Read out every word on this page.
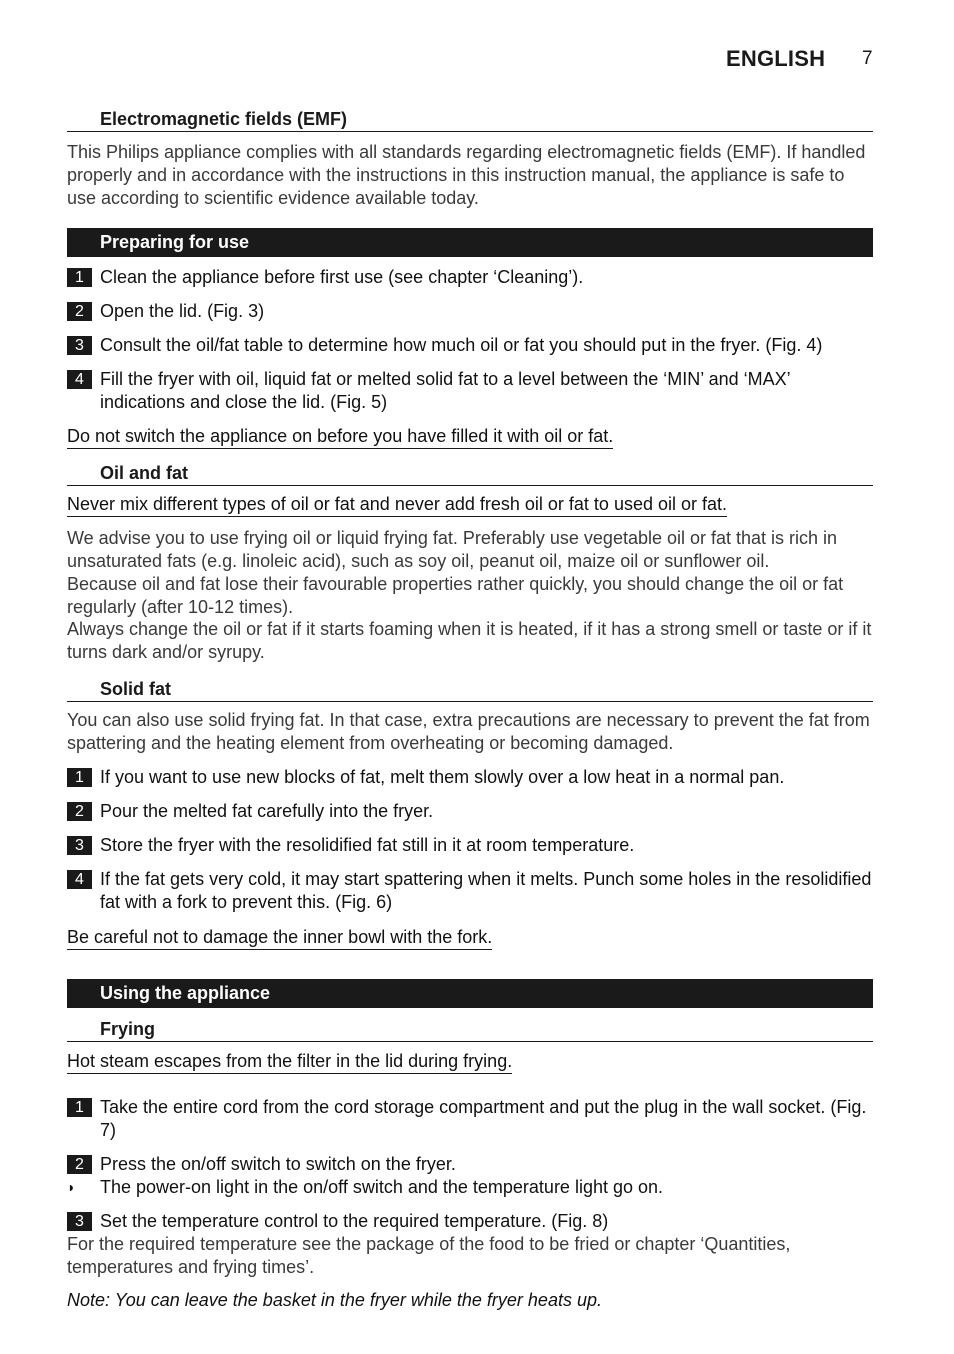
ENGLISH 7
Electromagnetic fields (EMF)
This Philips appliance complies with all standards regarding electromagnetic fields (EMF). If handled properly and in accordance with the instructions in this instruction manual, the appliance is safe to use according to scientific evidence available today.
Preparing for use
1 Clean the appliance before first use (see chapter ‘Cleaning’).
2 Open the lid. (Fig. 3)
3 Consult the oil/fat table to determine how much oil or fat you should put in the fryer. (Fig. 4)
4 Fill the fryer with oil, liquid fat or melted solid fat to a level between the ‘MIN’ and ‘MAX’ indications and close the lid. (Fig. 5)
Do not switch the appliance on before you have filled it with oil or fat.
Oil and fat
Never mix different types of oil or fat and never add fresh oil or fat to used oil or fat.
We advise you to use frying oil or liquid frying fat. Preferably use vegetable oil or fat that is rich in unsaturated fats (e.g. linoleic acid), such as soy oil, peanut oil, maize oil or sunflower oil.
Because oil and fat lose their favourable properties rather quickly, you should change the oil or fat regularly (after 10-12 times).
Always change the oil or fat if it starts foaming when it is heated, if it has a strong smell or taste or if it turns dark and/or syrupy.
Solid fat
You can also use solid frying fat. In that case, extra precautions are necessary to prevent the fat from spattering and the heating element from overheating or becoming damaged.
1 If you want to use new blocks of fat, melt them slowly over a low heat in a normal pan.
2 Pour the melted fat carefully into the fryer.
3 Store the fryer with the resolidified fat still in it at room temperature.
4 If the fat gets very cold, it may start spattering when it melts. Punch some holes in the resolidified fat with a fork to prevent this. (Fig. 6)
Be careful not to damage the inner bowl with the fork.
Using the appliance
Frying
Hot steam escapes from the filter in the lid during frying.
1 Take the entire cord from the cord storage compartment and put the plug in the wall socket. (Fig. 7)
2 Press the on/off switch to switch on the fryer.
◗	The power-on light in the on/off switch and the temperature light go on.
3 Set the temperature control to the required temperature. (Fig. 8)
For the required temperature see the package of the food to be fried or chapter ‘Quantities, temperatures and frying times’.
Note: You can leave the basket in the fryer while the fryer heats up.
